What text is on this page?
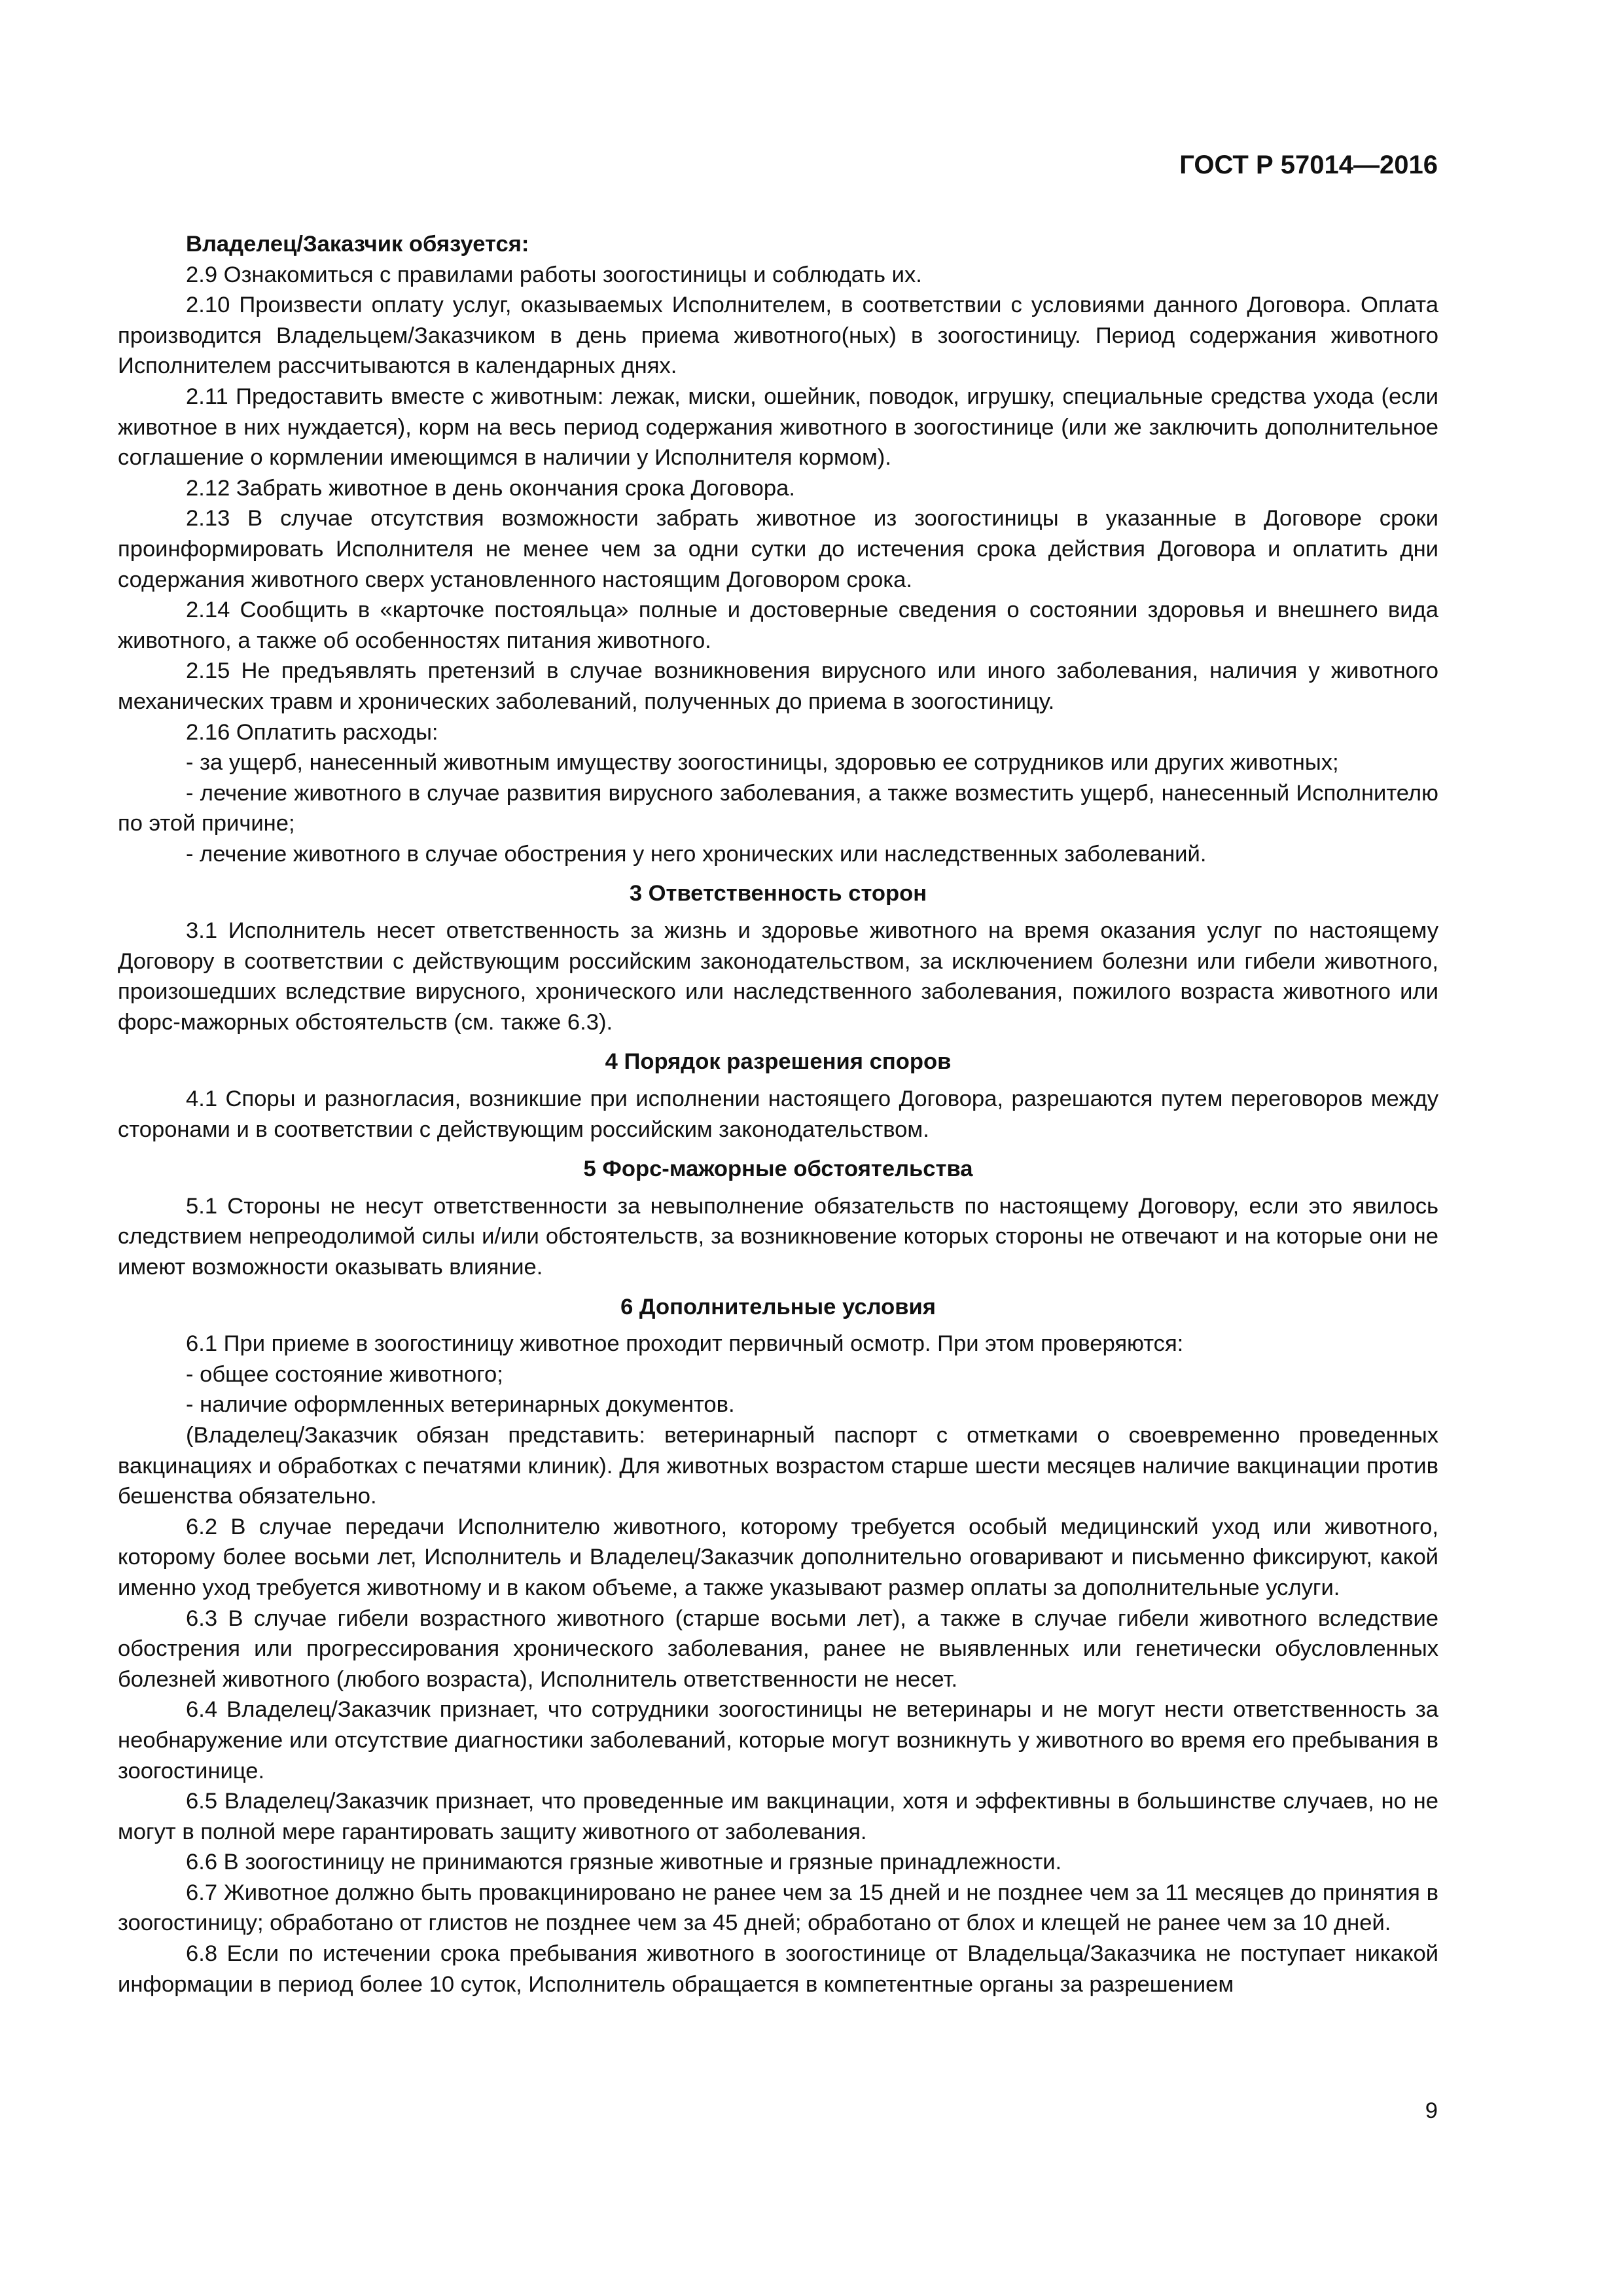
ГОСТ Р 57014—2016

Владелец/Заказчик обязуется:

2.9 Ознакомиться с правилами работы зоогостиницы и соблюдать их.

2.10 Произвести оплату услуг, оказываемых Исполнителем, в соответствии с условиями данного Договора. Оплата производится Владельцем/Заказчиком в день приема животного(ных) в зоогостиницу. Период содержания животного Исполнителем рассчитываются в календарных днях.

2.11 Предоставить вместе с животным: лежак, миски, ошейник, поводок, игрушку, специальные средства ухода (если животное в них нуждается), корм на весь период содержания животного в зоогостинице (или же заключить дополнительное соглашение о кормлении имеющимся в наличии у Исполнителя кормом).

2.12 Забрать животное в день окончания срока Договора.

2.13 В случае отсутствия возможности забрать животное из зоогостиницы в указанные в Договоре сроки проинформировать Исполнителя не менее чем за одни сутки до истечения срока действия Договора и оплатить дни содержания животного сверх установленного настоящим Договором срока.

2.14 Сообщить в «карточке постояльца» полные и достоверные сведения о состоянии здоровья и внешнего вида животного, а также об особенностях питания животного.

2.15 Не предъявлять претензий в случае возникновения вирусного или иного заболевания, наличия у животного механических травм и хронических заболеваний, полученных до приема в зоогостиницу.

2.16 Оплатить расходы:

- за ущерб, нанесенный животным имуществу зоогостиницы, здоровью ее сотрудников или других животных;

- лечение животного в случае развития вирусного заболевания, а также возместить ущерб, нанесенный Исполнителю по этой причине;

- лечение животного в случае обострения у него хронических или наследственных заболеваний.

3 Ответственность сторон

3.1 Исполнитель несет ответственность за жизнь и здоровье животного на время оказания услуг по настоящему Договору в соответствии с действующим российским законодательством, за исключением болезни или гибели животного, произошедших вследствие вирусного, хронического или наследственного заболевания, пожилого возраста животного или форс-мажорных обстоятельств (см. также 6.3).

4 Порядок разрешения споров

4.1 Споры и разногласия, возникшие при исполнении настоящего Договора, разрешаются путем переговоров между сторонами и в соответствии с действующим российским законодательством.

5 Форс-мажорные обстоятельства

5.1 Стороны не несут ответственности за невыполнение обязательств по настоящему Договору, если это явилось следствием непреодолимой силы и/или обстоятельств, за возникновение которых стороны не отвечают и на которые они не имеют возможности оказывать влияние.

6 Дополнительные условия

6.1 При приеме в зоогостиницу животное проходит первичный осмотр. При этом проверяются:

- общее состояние животного;

- наличие оформленных ветеринарных документов.

(Владелец/Заказчик обязан представить: ветеринарный паспорт с отметками о своевременно проведенных вакцинациях и обработках с печатями клиник). Для животных возрастом старше шести месяцев наличие вакцинации против бешенства обязательно.

6.2 В случае передачи Исполнителю животного, которому требуется особый медицинский уход или животного, которому более восьми лет, Исполнитель и Владелец/Заказчик дополнительно оговаривают и письменно фиксируют, какой именно уход требуется животному и в каком объеме, а также указывают размер оплаты за дополнительные услуги.

6.3 В случае гибели возрастного животного (старше восьми лет), а также в случае гибели животного вследствие обострения или прогрессирования хронического заболевания, ранее не выявленных или генетически обусловленных болезней животного (любого возраста), Исполнитель ответственности не несет.

6.4 Владелец/Заказчик признает, что сотрудники зоогостиницы не ветеринары и не могут нести ответственность за необнаружение или отсутствие диагностики заболеваний, которые могут возникнуть у животного во время его пребывания в зоогостинице.

6.5 Владелец/Заказчик признает, что проведенные им вакцинации, хотя и эффективны в большинстве случаев, но не могут в полной мере гарантировать защиту животного от заболевания.

6.6 В зоогостиницу не принимаются грязные животные и грязные принадлежности.

6.7 Животное должно быть провакцинировано не ранее чем за 15 дней и не позднее чем за 11 месяцев до принятия в зоогостиницу; обработано от глистов не позднее чем за 45 дней; обработано от блох и клещей не ранее чем за 10 дней.

6.8 Если по истечении срока пребывания животного в зоогостинице от Владельца/Заказчика не поступает никакой информации в период более 10 суток, Исполнитель обращается в компетентные органы за разрешением

9
